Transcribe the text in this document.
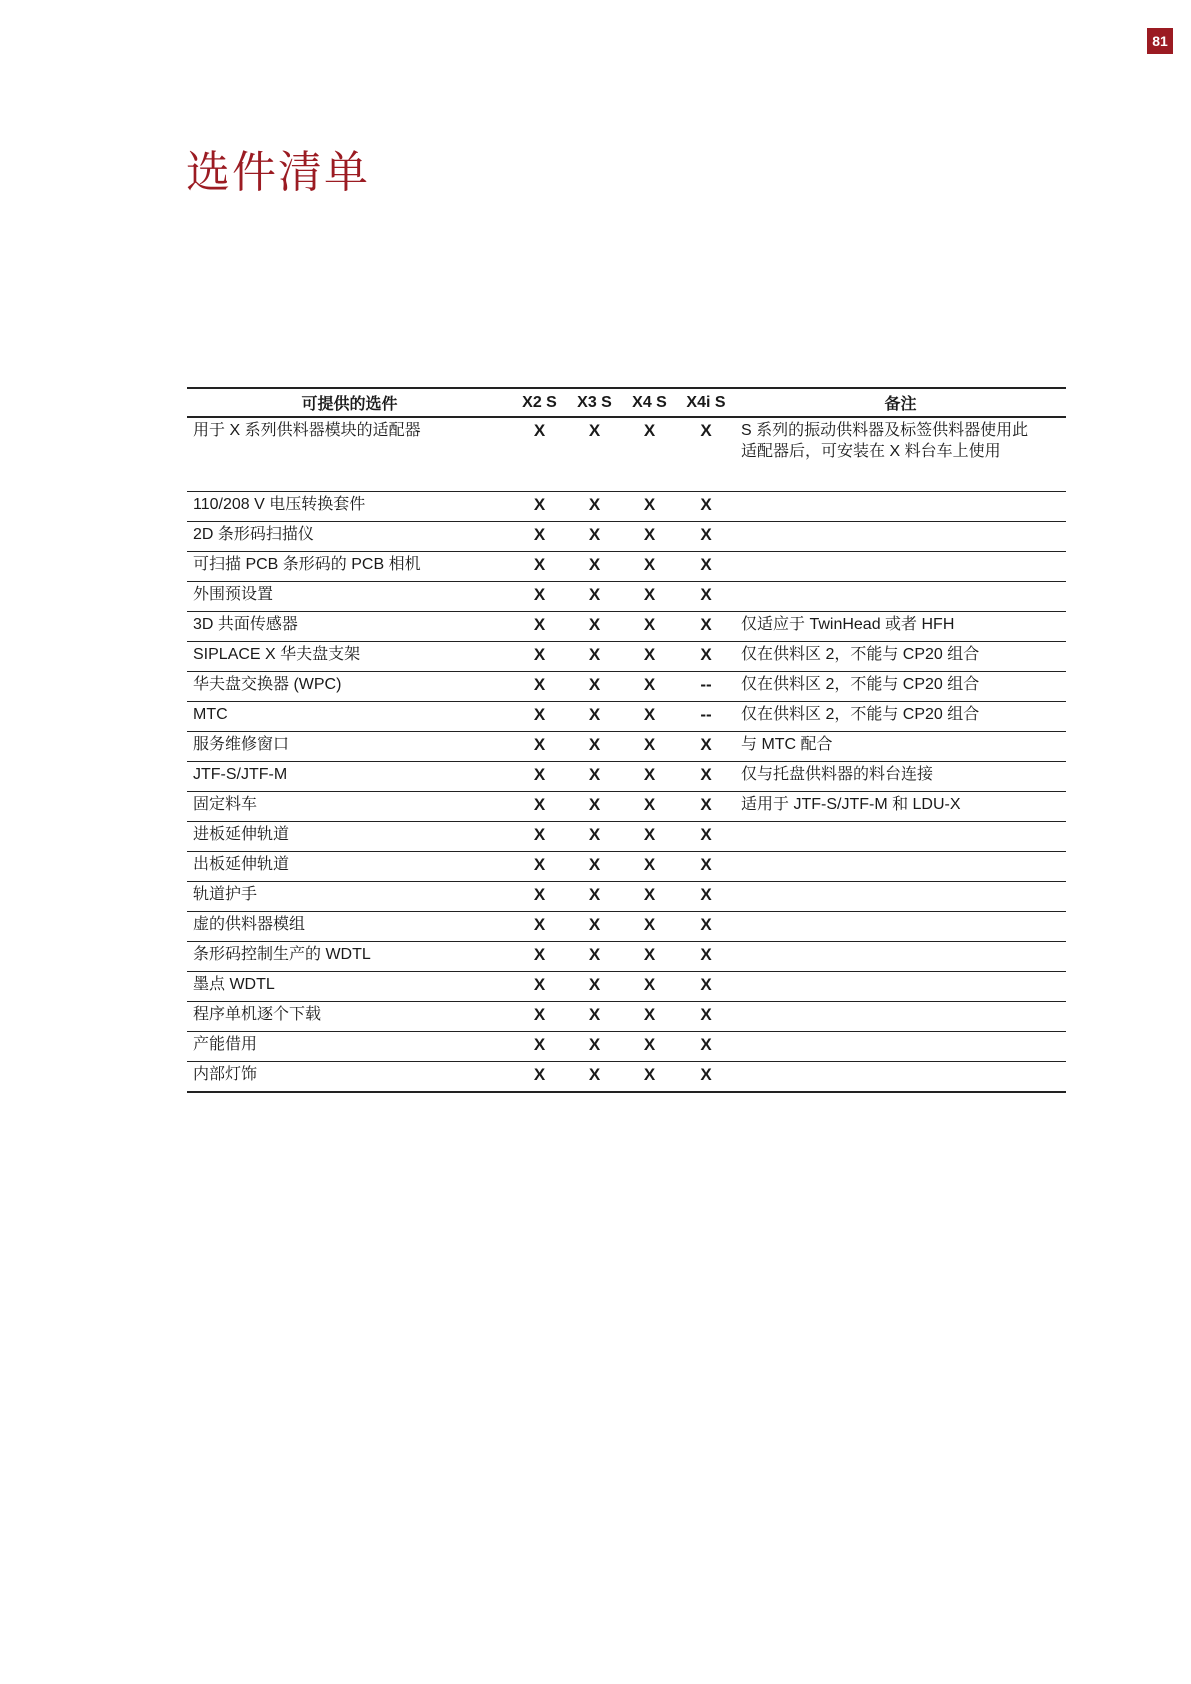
81
选件清单
可提供的选件	X2 S	X3 S	X4 S	X4i S	备注
用于 X 系列供料器模块的适配器	X	X	X	X	S 系列的振动供料器及标签供料器使用此适配器后，可安装在 X 料台车上使用
110/208 V 电压转换套件	X	X	X	X	
2D 条形码扫描仪	X	X	X	X	
可扫描 PCB 条形码的 PCB 相机	X	X	X	X	
外围预设置	X	X	X	X	
3D 共面传感器	X	X	X	X	仅适应于 TwinHead 或者 HFH
SIPLACE X 华夫盘支架	X	X	X	X	仅在供料区 2，不能与 CP20 组合
华夫盘交换器 (WPC)	X	X	X	--	仅在供料区 2，不能与 CP20 组合
MTC	X	X	X	--	仅在供料区 2，不能与 CP20 组合
服务维修窗口	X	X	X	X	与 MTC 配合
JTF-S/JTF-M	X	X	X	X	仅与托盘供料器的料台连接
固定料车	X	X	X	X	适用于 JTF-S/JTF-M 和 LDU-X
进板延伸轨道	X	X	X	X	
出板延伸轨道	X	X	X	X	
轨道护手	X	X	X	X	
虚的供料器模组	X	X	X	X	
条形码控制生产的 WDTL	X	X	X	X	
墨点 WDTL	X	X	X	X	
程序单机逐个下载	X	X	X	X	
产能借用	X	X	X	X	
内部灯饰	X	X	X	X	
